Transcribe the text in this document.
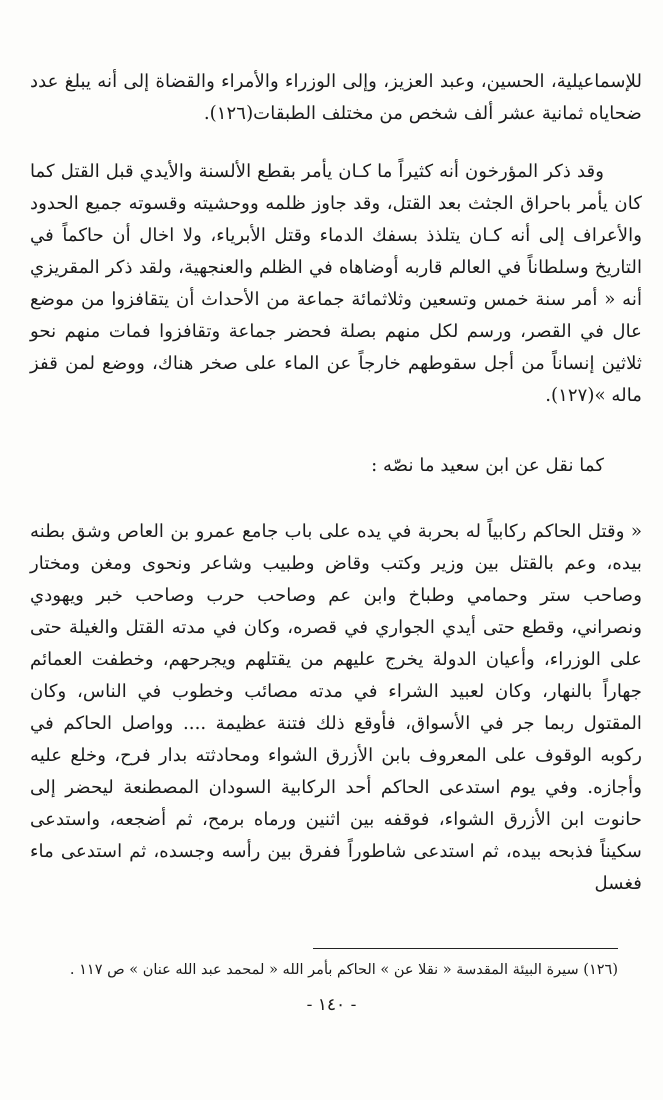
للإسماعيلية، الحسين، وعبد العزيز، وإلى الوزراء والأمراء والقضاة إلى أنه يبلغ عدد ضحاياه ثمانية عشر ألف شخص من مختلف الطبقات(١٢٦).

وقد ذكر المؤرخون أنه كثيراً ما كـان يأمر بقطع الألسنة والأيدي قبل القتل كما كان يأمر باحراق الجثث بعد القتل، وقد جاوز ظلمه ووحشيته وقسوته جميع الحدود والأعراف إلى أنه كـان يتلذذ بسفك الدماء وقتل الأبرياء، ولا اخال أن حاكماً في التاريخ وسلطاناً في العالم قاربه أوضاهاه في الظلم والعنجهية، ولقد ذكر المقريزي أنه « أمر سنة خمس وتسعين وثلاثمائة جماعة من الأحداث أن يتقافزوا من موضع عال في القصر، ورسم لكل منهم بصلة فحضر جماعة وتقافزوا فمات منهم نحو ثلاثين إنساناً من أجل سقوطهم خارجاً عن الماء على صخر هناك، ووضع لمن قفز ماله »(١٢٧).

كما نقل عن ابن سعيد ما نصّه :

« وقتل الحاكم ركابياً له بحربة في يده على باب جامع عمرو بن العاص وشق بطنه بيده، وعم بالقتل بين وزير وكتب وقاض وطبيب وشاعر ونحوى ومغن ومختار وصاحب ستر وحمامي وطباخ وابن عم وصاحب حرب وصاحب خبر ويهودي ونصراني، وقطع حتى أيدي الجواري في قصره، وكان في مدته القتل والغيلة حتى على الوزراء، وأعيان الدولة يخرج عليهم من يقتلهم ويجرحهم، وخطفت العمائم جهاراً بالنهار، وكان لعبيد الشراء في مدته مصائب وخطوب في الناس، وكان المقتول ربما جر في الأسواق، فأوقع ذلك فتنة عظيمة .... وواصل الحاكم في ركوبه الوقوف على المعروف بابن الأزرق الشواء ومحادثته بدار فرح، وخلع عليه وأجازه. وفي يوم استدعى الحاكم أحد الركابية السودان المصطنعة ليحضر إلى حانوت ابن الأزرق الشواء، فوقفه بين اثنين ورماه برمح، ثم أضجعه، واستدعى سكيناً فذبحه بيده، ثم استدعى شاطوراً ففرق بين رأسه وجسده، ثم استدعى ماء فغسل

(١٢٦) سيرة البيئة المقدسة « نقلا عن » الحاكم بأمر الله « لمحمد عبد الله عنان » ص ١١٧ .
- ١٤٠ -
